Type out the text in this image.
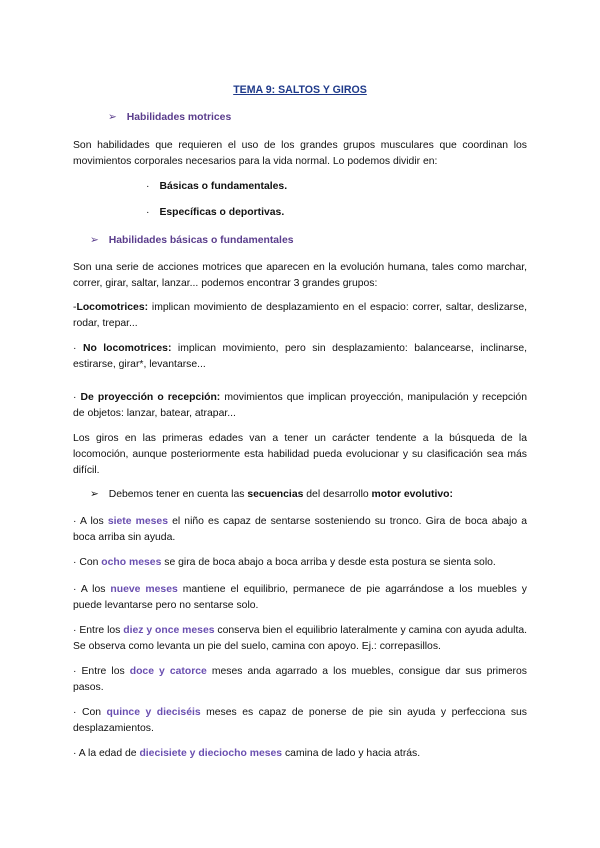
TEMA 9: SALTOS Y GIROS
➢ Habilidades motrices
Son habilidades que requieren el uso de los grandes grupos musculares que coordinan los movimientos corporales necesarios para la vida normal. Lo podemos dividir en:
· Básicas o fundamentales.
· Específicas o deportivas.
➢ Habilidades básicas o fundamentales
Son una serie de acciones motrices que aparecen en la evolución humana, tales como marchar, correr, girar, saltar, lanzar... podemos encontrar 3 grandes grupos:
-Locomotrices: implican movimiento de desplazamiento en el espacio: correr, saltar, deslizarse, rodar, trepar...
· No locomotrices: implican movimiento, pero sin desplazamiento: balancearse, inclinarse, estirarse, girar*, levantarse...
· De proyección o recepción: movimientos que implican proyección, manipulación y recepción de objetos: lanzar, batear, atrapar...
Los giros en las primeras edades van a tener un carácter tendente a la búsqueda de la locomoción, aunque posteriormente esta habilidad pueda evolucionar y su clasificación sea más difícil.
➢ Debemos tener en cuenta las secuencias del desarrollo motor evolutivo:
· A los siete meses el niño es capaz de sentarse sosteniendo su tronco. Gira de boca abajo a boca arriba sin ayuda.
· Con ocho meses se gira de boca abajo a boca arriba y desde esta postura se sienta solo.
· A los nueve meses mantiene el equilibrio, permanece de pie agarrándose a los muebles y puede levantarse pero no sentarse solo.
· Entre los diez y once meses conserva bien el equilibrio lateralmente y camina con ayuda adulta. Se observa como levanta un pie del suelo, camina con apoyo. Ej.: correpasillos.
· Entre los doce y catorce meses anda agarrado a los muebles, consigue dar sus primeros pasos.
· Con quince y dieciséis meses es capaz de ponerse de pie sin ayuda y perfecciona sus desplazamientos.
· A la edad de diecisiete y dieciocho meses camina de lado y hacia atrás.
